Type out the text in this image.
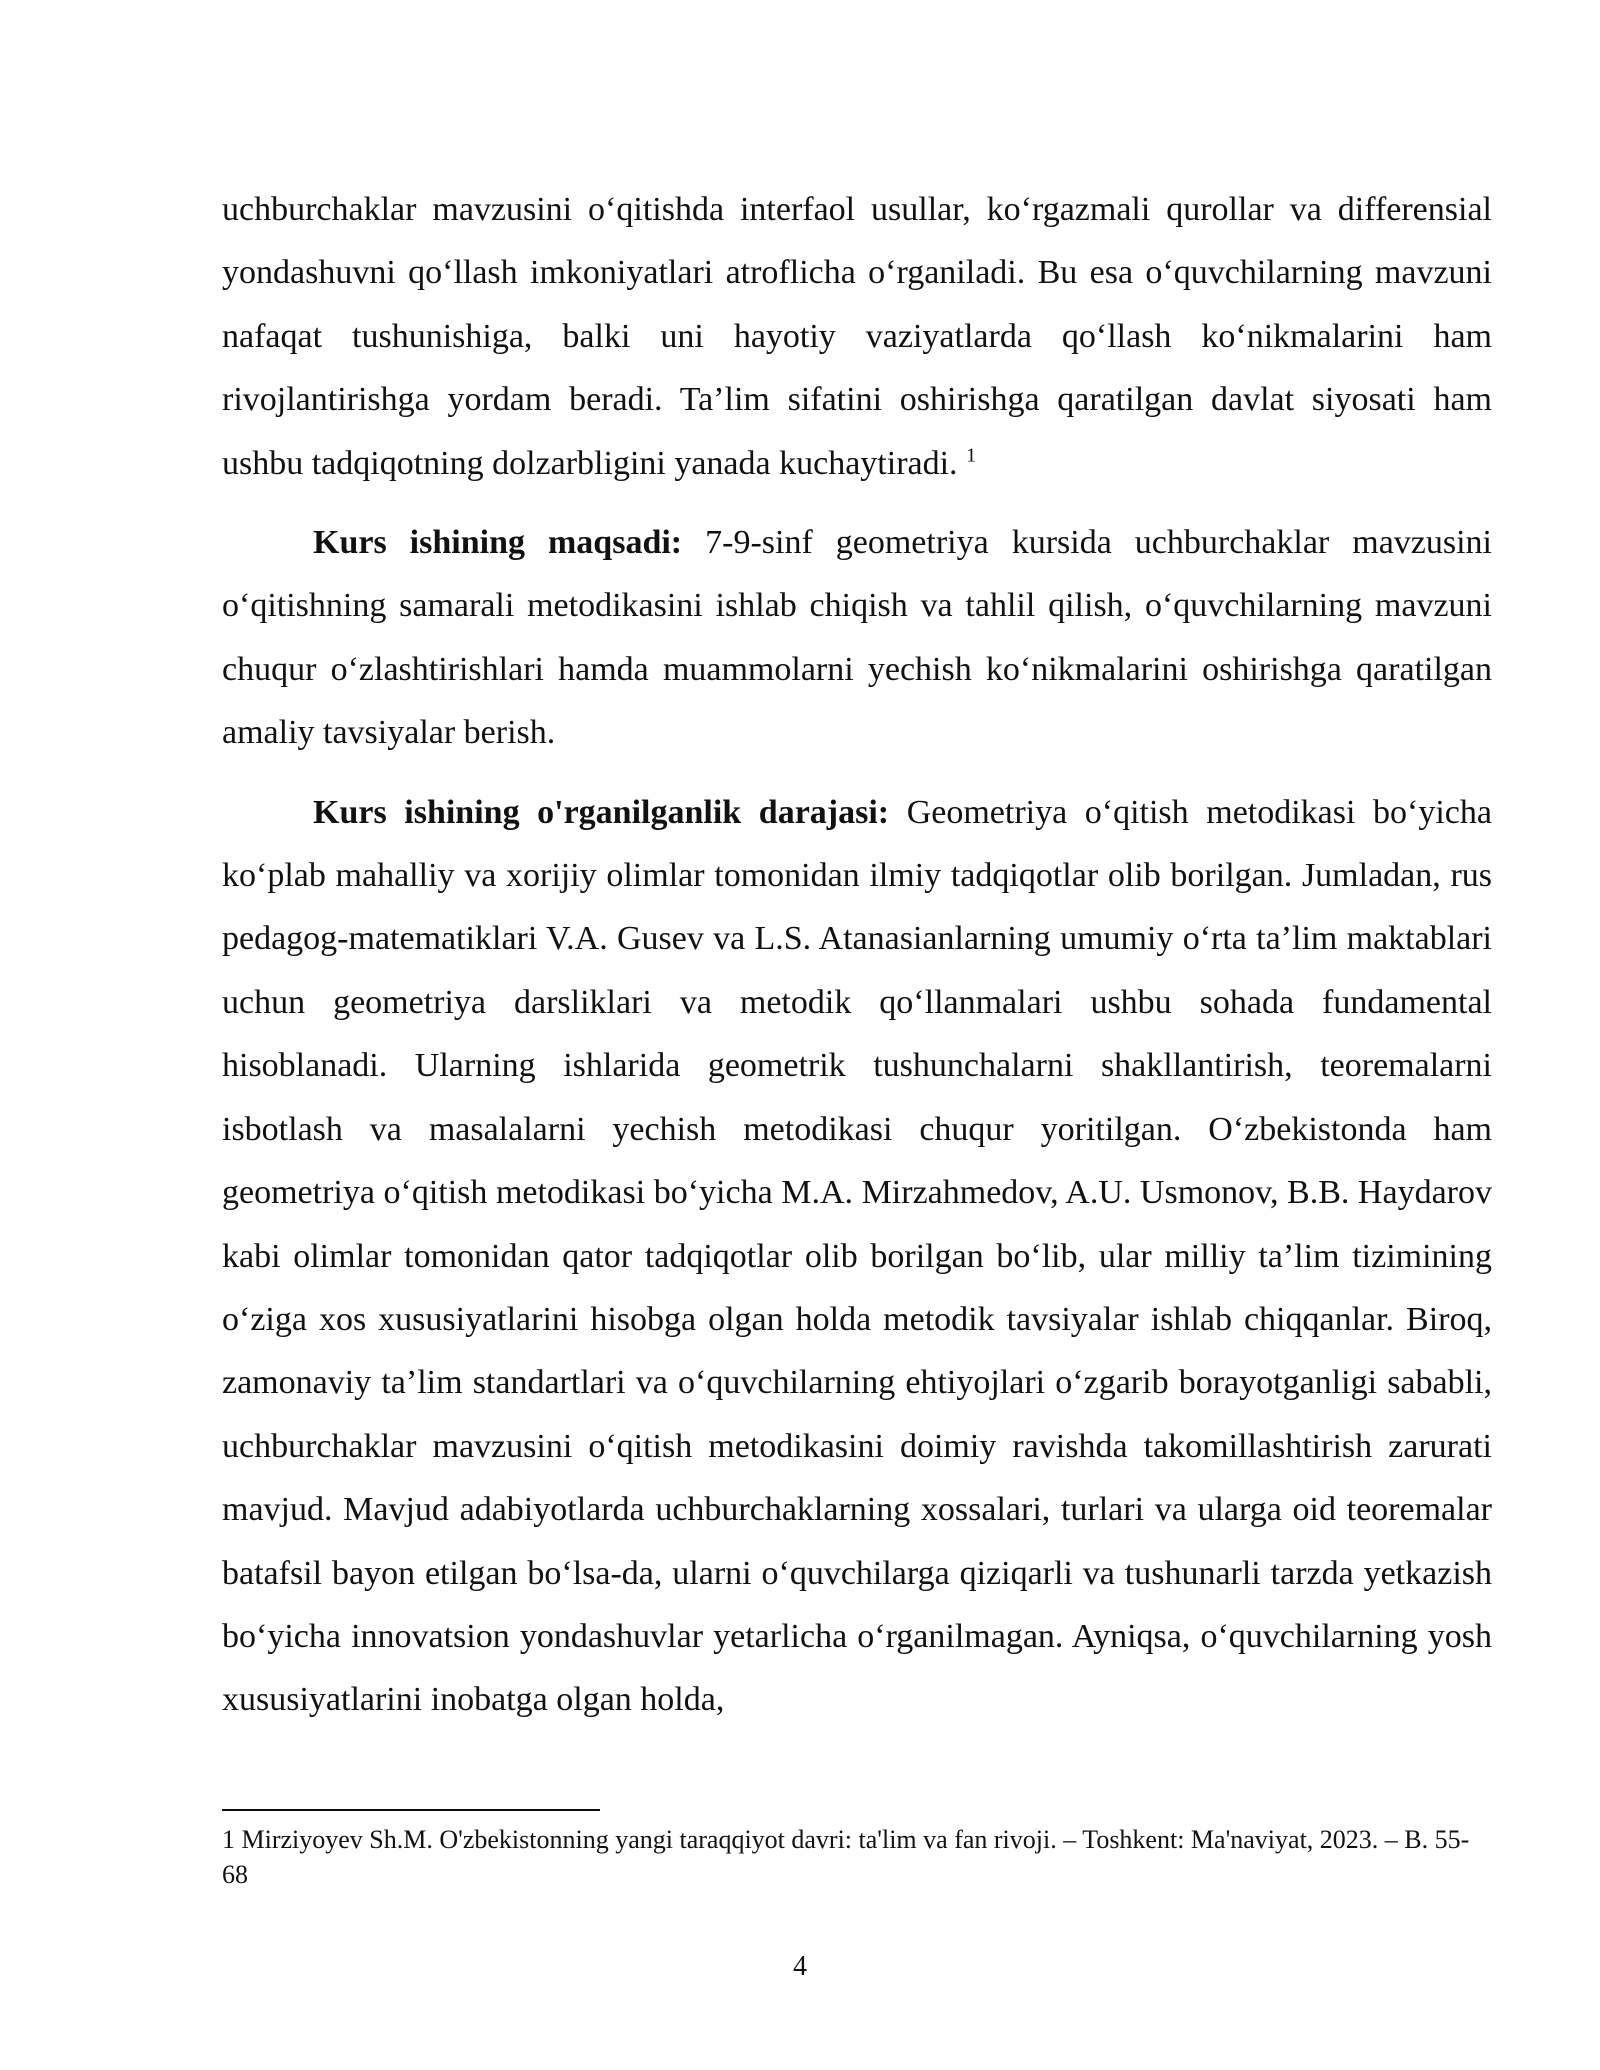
uchburchaklar mavzusini o‘qitishda interfaol usullar, ko‘rgazmali qurollar va differensial yondashuvni qo‘llash imkoniyatlari atroflicha o‘rganiladi. Bu esa o‘quvchilarning mavzuni nafaqat tushunishiga, balki uni hayotiy vaziyatlarda qo‘llash ko‘nikmalarini ham rivojlantirishga yordam beradi. Ta’lim sifatini oshirishga qaratilgan davlat siyosati ham ushbu tadqiqotning dolzarbligini yanada kuchaytiradi. $^1$

Kurs ishining maqsadi: 7-9-sinf geometriya kursida uchburchaklar mavzusini o‘qitishning samarali metodikasini ishlab chiqish va tahlil qilish, o‘quvchilarning mavzuni chuqur o‘zlashtirishlari hamda muammolarni yechish ko‘nikmalarini oshirishga qaratilgan amaliy tavsiyalar berish.

Kurs ishining o'rganilganlik darajasi: Geometriya o‘qitish metodikasi bo‘yicha ko‘plab mahalliy va xorijiy olimlar tomonidan ilmiy tadqiqotlar olib borilgan. Jumladan, rus pedagog-matematiklari V.A. Gusev va L.S. Atanasianlarning umumiy o‘rta ta’lim maktablari uchun geometriya darsliklari va metodik qo‘llanmalari ushbu sohada fundamental hisoblanadi. Ularning ishlarida geometrik tushunchalarni shakllantirish, teoremalarni isbotlash va masalalarni yechish metodikasi chuqur yoritilgan. O‘zbekistonda ham geometriya o‘qitish metodikasi bo‘yicha M.A. Mirzahmedov, A.U. Usmonov, B.B. Haydarov kabi olimlar tomonidan qator tadqiqotlar olib borilgan bo‘lib, ular milliy ta’lim tizimining o‘ziga xos xususiyatlarini hisobga olgan holda metodik tavsiyalar ishlab chiqqanlar. Biroq, zamonaviy ta’lim standartlari va o‘quvchilarning ehtiyojlari o‘zgarib borayotganligi sababli, uchburchaklar mavzusini o‘qitish metodikasini doimiy ravishda takomillashtirish zarurati mavjud. Mavjud adabiyotlarda uchburchaklarning xossalari, turlari va ularga oid teoremalar batafsil bayon etilgan bo‘lsa-da, ularni o‘quvchilarga qiziqarli va tushunarli tarzda yetkazish bo‘yicha innovatsion yondashuvlar yetarlicha o‘rganilmagan. Ayniqsa, o‘quvchilarning yosh xususiyatlarini inobatga olgan holda,

1 Mirziyoyev Sh.M. O'zbekistonning yangi taraqqiyot davri: ta'lim va fan rivoji. – Toshkent: Ma'naviyat, 2023. – B. 55-68

4
